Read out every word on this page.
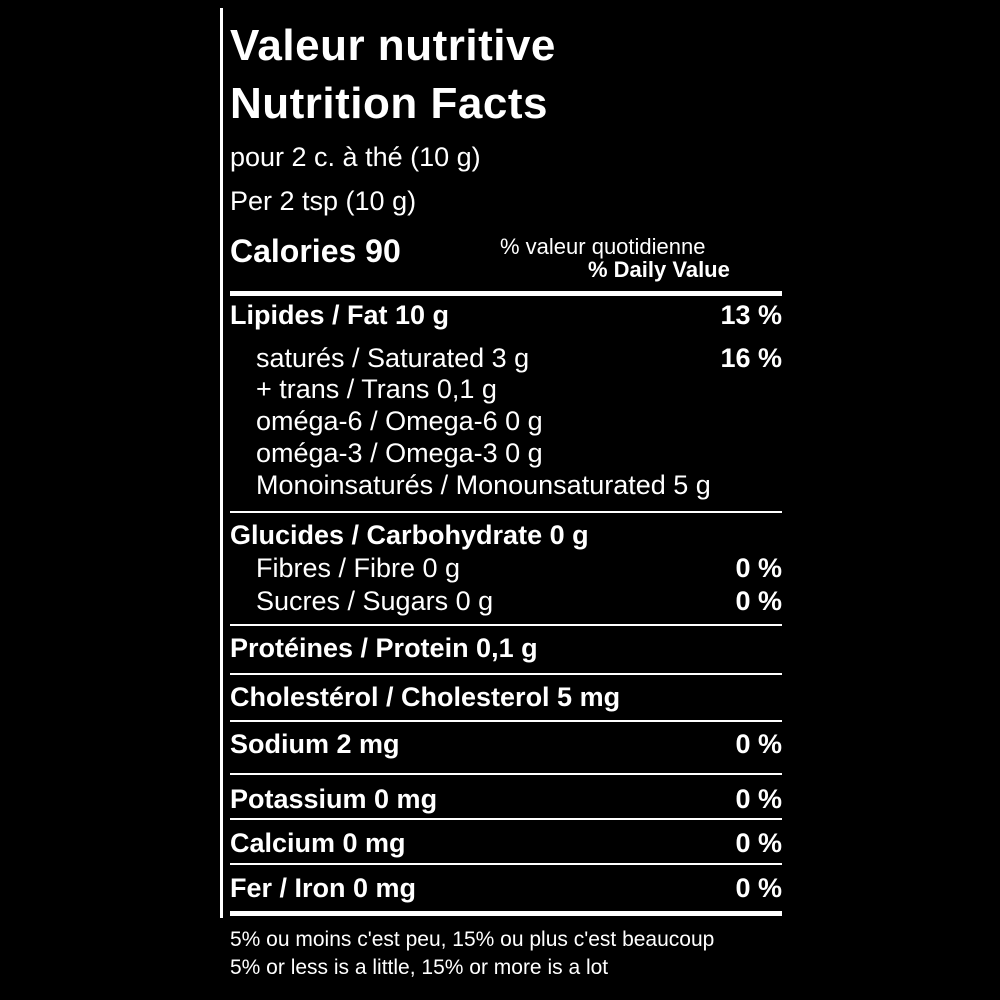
Valeur nutritive
Nutrition Facts
pour 2 c. à thé (10 g)
Per 2 tsp (10 g)
Calories 90	% valeur quotidienne
% Daily Value
Lipides / Fat 10 g	13 %
saturés / Saturated 3 g	16 %
+ trans / Trans 0,1 g
oméga-6 / Omega-6 0 g
oméga-3 / Omega-3 0 g
Monoinsaturés / Monounsaturated 5 g
Glucides / Carbohydrate 0 g
Fibres / Fibre 0 g	0 %
Sucres / Sugars 0 g	0 %
Protéines / Protein 0,1 g
Cholestérol / Cholesterol 5 mg
Sodium 2 mg	0 %
Potassium 0 mg	0 %
Calcium 0 mg	0 %
Fer / Iron 0 mg	0 %
5% ou moins c'est peu, 15% ou plus c'est beaucoup
5% or less is a little, 15% or more is a lot
